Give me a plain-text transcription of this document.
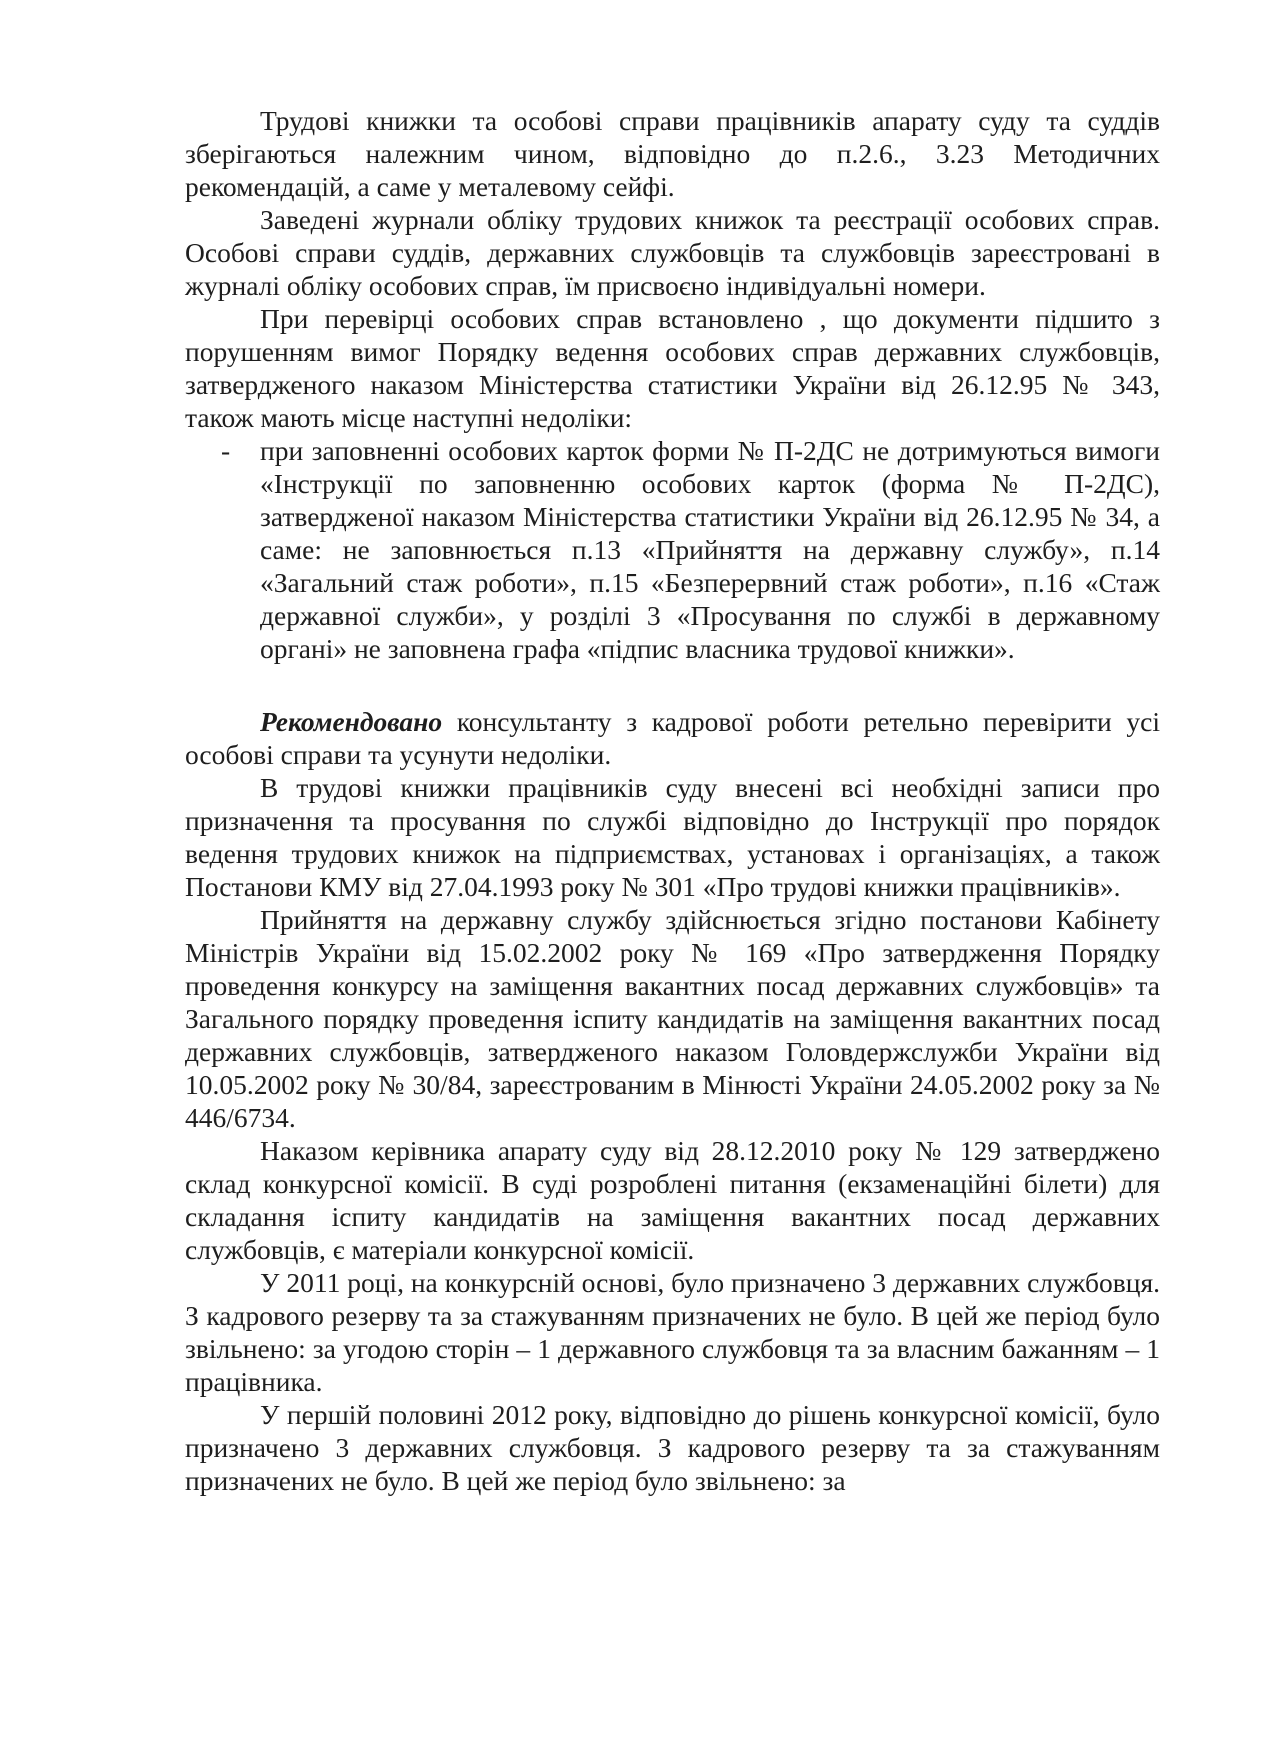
Трудові книжки та особові справи працівників апарату суду та суддів зберігаються належним чином, відповідно до п.2.6., 3.23 Методичних рекомендацій, а саме у металевому сейфі.

Заведені журнали обліку трудових книжок та реєстрації особових справ. Особові справи суддів, державних службовців та службовців зареєстровані в журналі обліку особових справ, їм присвоєно індивідуальні номери.

При перевірці особових справ встановлено , що документи підшито з порушенням вимог Порядку ведення особових справ державних службовців, затвердженого наказом Міністерства статистики України від 26.12.95 № 343, також мають місце наступні недоліки:

- при заповненні особових карток форми № П-2ДС не дотримуються вимоги «Інструкції по заповненню особових карток (форма № П-2ДС), затвердженої наказом Міністерства статистики України від 26.12.95 № 34, а саме: не заповнюється п.13 «Прийняття на державну службу», п.14 «Загальний стаж роботи», п.15 «Безперервний стаж роботи», п.16 «Стаж державної служби», у розділі 3 «Просування по службі в державному органі» не заповнена графа «підпис власника трудової книжки».

Рекомендовано консультанту з кадрової роботи ретельно перевірити усі особові справи та усунути недоліки.

В трудові книжки працівників суду внесені всі необхідні записи про призначення та просування по службі відповідно до Інструкції про порядок ведення трудових книжок на підприємствах, установах і організаціях, а також Постанови КМУ від 27.04.1993 року № 301 «Про трудові книжки працівників».

Прийняття на державну службу здійснюється згідно постанови Кабінету Міністрів України від 15.02.2002 року № 169 «Про затвердження Порядку проведення конкурсу на заміщення вакантних посад державних службовців» та Загального порядку проведення іспиту кандидатів на заміщення вакантних посад державних службовців, затвердженого наказом Головдержслужби України від 10.05.2002 року № 30/84, зареєстрованим в Мінюсті України 24.05.2002 року за № 446/6734.

Наказом керівника апарату суду від 28.12.2010 року № 129 затверджено склад конкурсної комісії. В суді розроблені питання (екзаменаційні білети) для складання іспиту кандидатів на заміщення вакантних посад державних службовців, є матеріали конкурсної комісії.

У 2011 році, на конкурсній основі, було призначено 3 державних службовця. З кадрового резерву та за стажуванням призначених не було. В цей же період було звільнено: за угодою сторін – 1 державного службовця та за власним бажанням – 1 працівника.

У першій половині 2012 року, відповідно до рішень конкурсної комісії, було призначено 3 державних службовця. З кадрового резерву та за стажуванням призначених не було. В цей же період було звільнено: за
